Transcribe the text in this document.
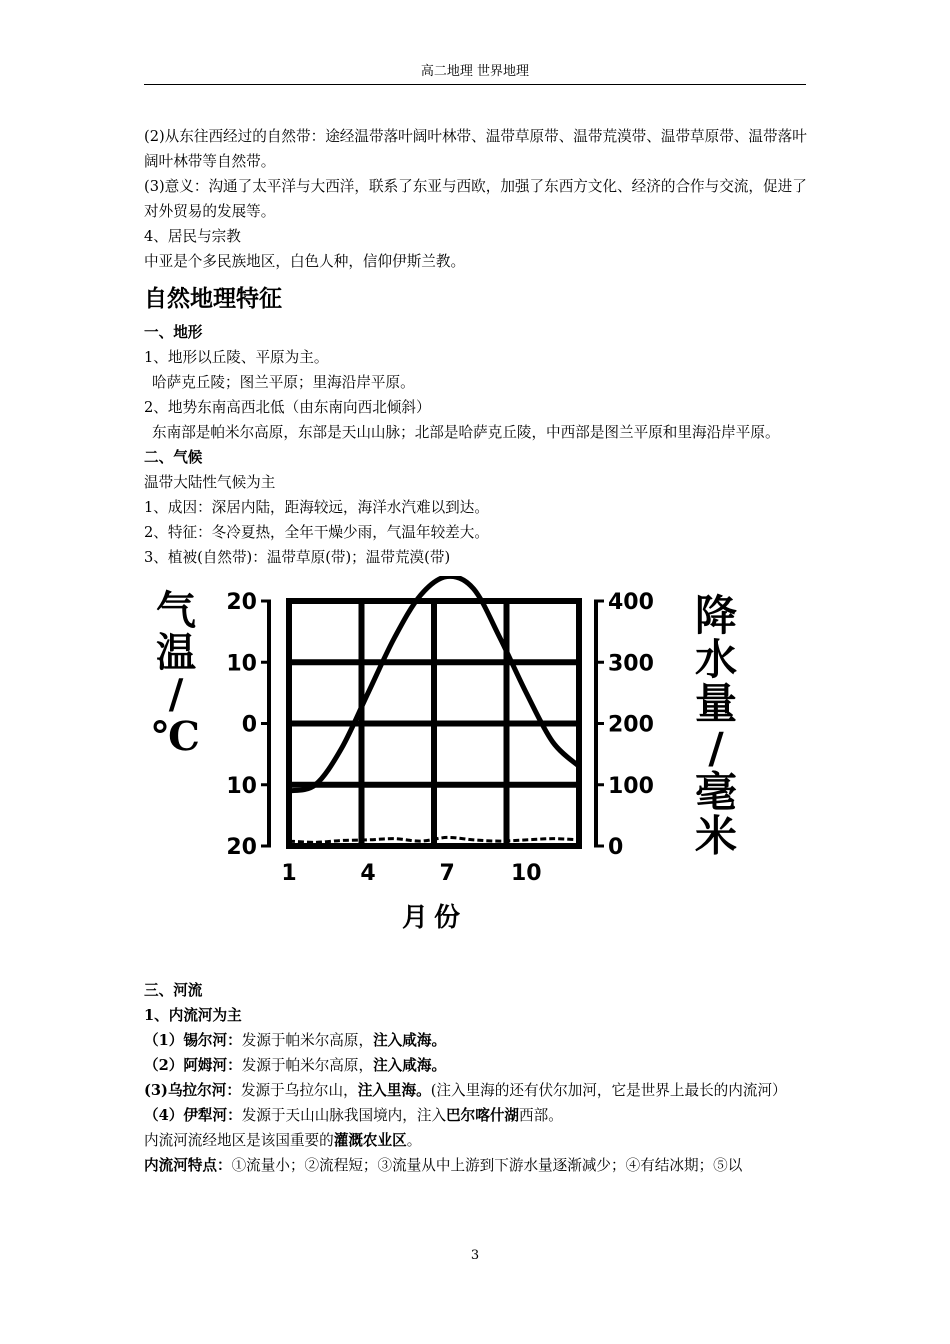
高二地理 世界地理

(2)从东往西经过的自然带：途经温带落叶阔叶林带、温带草原带、温带荒漠带、温带草原带、温带落叶阔叶林带等自然带。

(3)意义：沟通了太平洋与大西洋，联系了东亚与西欧，加强了东西方文化、经济的合作与交流，促进了对外贸易的发展等。

4、居民与宗教

中亚是个多民族地区，白色人种，信仰伊斯兰教。

自然地理特征

一、地形

1、地形以丘陵、平原为主。

哈萨克丘陵；图兰平原；里海沿岸平原。

2、地势东南高西北低（由东南向西北倾斜）

东南部是帕米尔高原，东部是天山山脉；北部是哈萨克丘陵，中西部是图兰平原和里海沿岸平原。

二、气候

温带大陆性气候为主

1、成因：深居内陆，距海较远，海洋水汽难以到达。

2、特征：冬冷夏热，全年干燥少雨，气温年较差大。

3、植被(自然带)：温带草原(带)；温带荒漠(带)

20
10
0
10
20
400
300
200
100
0
1	4	7	10
气
温
/
℃
降
水
量
/
毫
米
月份

三、河流

1、内流河为主

（1）锡尔河：发源于帕米尔高原，注入咸海。

（2）阿姆河：发源于帕米尔高原，注入咸海。

(3)乌拉尔河：发源于乌拉尔山，注入里海。(注入里海的还有伏尔加河，它是世界上最长的内流河）

（4）伊犁河：发源于天山山脉我国境内，注入巴尔喀什湖西部。

内流河流经地区是该国重要的灌溉农业区。

内流河特点：①流量小；②流程短；③流量从中上游到下游水量逐渐减少；④有结冰期；⑤以

3
